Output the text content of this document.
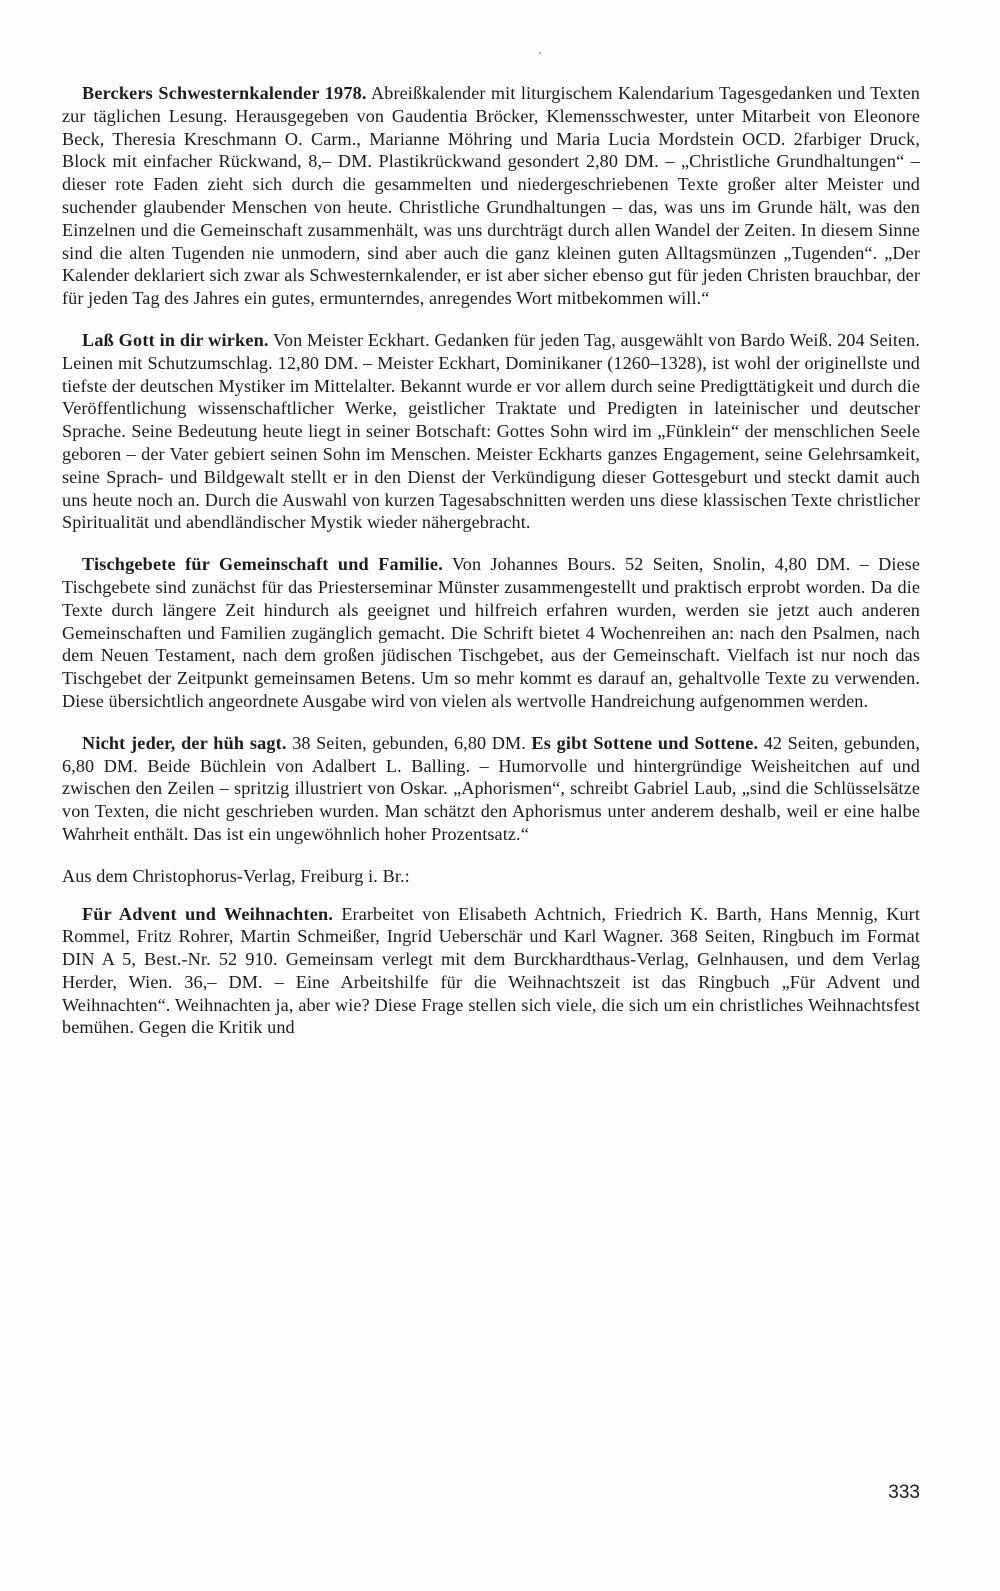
Berckers Schwesternkalender 1978. Abreißkalender mit liturgischem Kalendarium Tagesgedanken und Texten zur täglichen Lesung. Herausgegeben von Gaudentia Bröcker, Klemensschwester, unter Mitarbeit von Eleonore Beck, Theresia Kreschmann O. Carm., Marianne Möhring und Maria Lucia Mordstein OCD. 2farbiger Druck, Block mit einfacher Rückwand, 8,– DM. Plastikrückwand gesondert 2,80 DM. – „Christliche Grundhaltungen“ – dieser rote Faden zieht sich durch die gesammelten und niedergeschriebenen Texte großer alter Meister und suchender glaubender Menschen von heute. Christliche Grundhaltungen – das, was uns im Grunde hält, was den Einzelnen und die Gemeinschaft zusammenhält, was uns durchträgt durch allen Wandel der Zeiten. In diesem Sinne sind die alten Tugenden nie unmodern, sind aber auch die ganz kleinen guten Alltagsmünzen „Tugenden“. „Der Kalender deklariert sich zwar als Schwesternkalender, er ist aber sicher ebenso gut für jeden Christen brauchbar, der für jeden Tag des Jahres ein gutes, ermunterndes, anregendes Wort mitbekommen will.“

Laß Gott in dir wirken. Von Meister Eckhart. Gedanken für jeden Tag, ausgewählt von Bardo Weiß. 204 Seiten. Leinen mit Schutzumschlag. 12,80 DM. – Meister Eckhart, Dominikaner (1260–1328), ist wohl der originellste und tiefste der deutschen Mystiker im Mittelalter. Bekannt wurde er vor allem durch seine Predigttätigkeit und durch die Veröffentlichung wissenschaftlicher Werke, geistlicher Traktate und Predigten in lateinischer und deutscher Sprache. Seine Bedeutung heute liegt in seiner Botschaft: Gottes Sohn wird im „Fünklein“ der menschlichen Seele geboren – der Vater gebiert seinen Sohn im Menschen. Meister Eckharts ganzes Engagement, seine Gelehrsamkeit, seine Sprach- und Bildgewalt stellt er in den Dienst der Verkündigung dieser Gottesgeburt und steckt damit auch uns heute noch an. Durch die Auswahl von kurzen Tagesabschnitten werden uns diese klassischen Texte christlicher Spiritualität und abendländischer Mystik wieder nähergebracht.

Tischgebete für Gemeinschaft und Familie. Von Johannes Bours. 52 Seiten, Snolin, 4,80 DM. – Diese Tischgebete sind zunächst für das Priesterseminar Münster zusammengestellt und praktisch erprobt worden. Da die Texte durch längere Zeit hindurch als geeignet und hilfreich erfahren wurden, werden sie jetzt auch anderen Gemeinschaften und Familien zugänglich gemacht. Die Schrift bietet 4 Wochenreihen an: nach den Psalmen, nach dem Neuen Testament, nach dem großen jüdischen Tischgebet, aus der Gemeinschaft. Vielfach ist nur noch das Tischgebet der Zeitpunkt gemeinsamen Betens. Um so mehr kommt es darauf an, gehaltvolle Texte zu verwenden. Diese übersichtlich angeordnete Ausgabe wird von vielen als wertvolle Handreichung aufgenommen werden.

Nicht jeder, der hüh sagt. 38 Seiten, gebunden, 6,80 DM. Es gibt Sottene und Sottene. 42 Seiten, gebunden, 6,80 DM. Beide Büchlein von Adalbert L. Balling. – Humorvolle und hintergründige Weisheitchen auf und zwischen den Zeilen – spritzig illustriert von Oskar. „Aphorismen“, schreibt Gabriel Laub, „sind die Schlüsselsätze von Texten, die nicht geschrieben wurden. Man schätzt den Aphorismus unter anderem deshalb, weil er eine halbe Wahrheit enthält. Das ist ein ungewöhnlich hoher Prozentsatz.“

Aus dem Christophorus-Verlag, Freiburg i. Br.:

Für Advent und Weihnachten. Erarbeitet von Elisabeth Achtnich, Friedrich K. Barth, Hans Mennig, Kurt Rommel, Fritz Rohrer, Martin Schmeißer, Ingrid Ueberschär und Karl Wagner. 368 Seiten, Ringbuch im Format DIN A 5, Best.-Nr. 52 910. Gemeinsam verlegt mit dem Burckhardthaus-Verlag, Gelnhausen, und dem Verlag Herder, Wien. 36,– DM. – Eine Arbeitshilfe für die Weihnachtszeit ist das Ringbuch „Für Advent und Weihnachten“. Weihnachten ja, aber wie? Diese Frage stellen sich viele, die sich um ein christliches Weihnachtsfest bemühen. Gegen die Kritik und

333
